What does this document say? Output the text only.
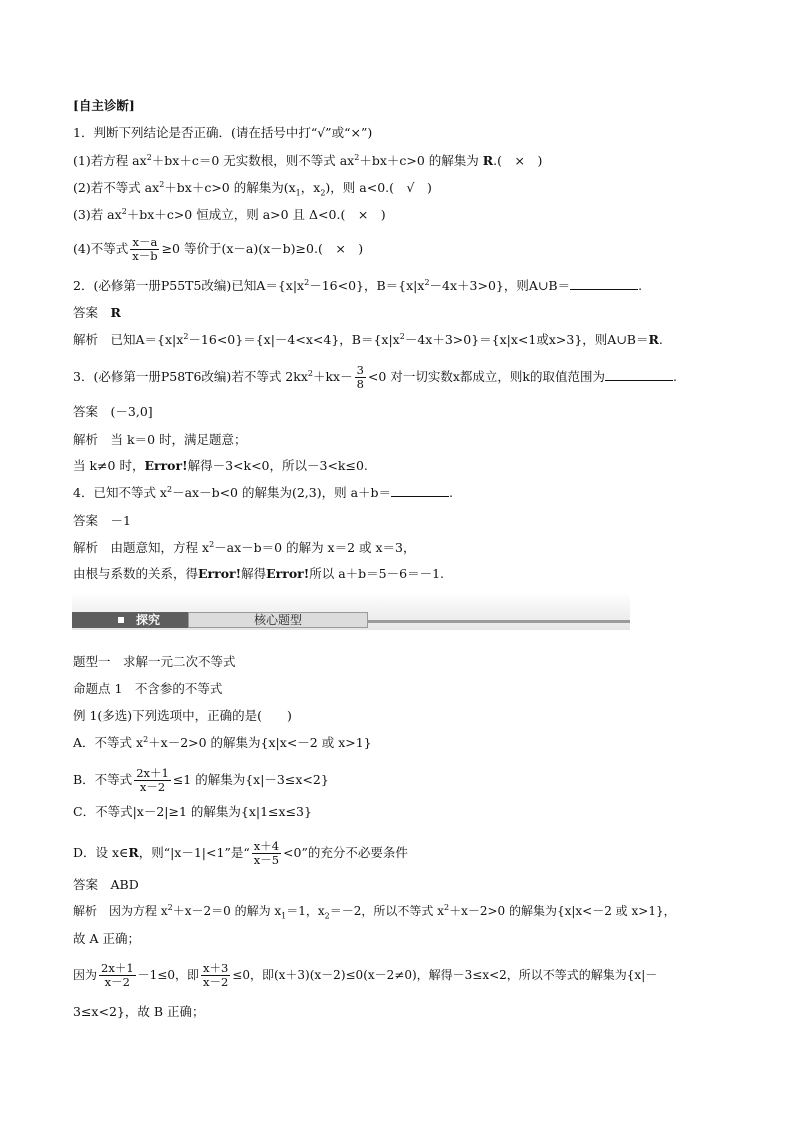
[自主诊断]
1．判断下列结论是否正确．(请在括号中打“√”或“×”)
(1)若方程 $ax^2+bx+c=0$ 无实数根，则不等式 $ax^2+bx+c>0$ 的解集为 R.(　×　)
(2)若不等式 $ax^2+bx+c>0$ 的解集为($x_1$，$x_2$)，则 a<0.(　√　)
(3)若 $ax^2+bx+c>0$ 恒成立，则 a>0 且 Δ<0.(　×　)
(4)不等式 $\frac{x-a}{x-b} \ge 0$ 等价于(x－a)(x－b)≥0.(　×　)
2．(必修第一册P55T5改编)已知$A=\{x|x^2-16<0\}$，$B=\{x|x^2-4x+3>0\}$，则A∪B＝	.
答案　 R
解析　 已知$A=\{x|x^2-16<0\}=\{x|-4<x<4\}$，$B=\{x|x^2-4x+3>0\}=\{x|x<1$或x>3}，则A∪B＝R.
3．(必修第一册P58T6改编)若不等式 $2kx^2+kx- \frac{3}{8} <0$ 对一切实数x都成立，则k的取值范围为	.
答案　 (－3,0]
解析　 当 k＝0 时，满足题意；
当 k≠0 时，Error!解得－3<k<0，所以－3<k≤0.
4．已知不等式 $x^2-ax-b<0$ 的解集为(2,3)，则 a＋b＝	.
答案　 －1
解析　 由题意知，方程 $x^2-ax-b=0$ 的解为 x＝2 或 x＝3，
由根与系数的关系，得Error!解得Error!所以 a＋b＝5－6＝－1.
探究	核心题型
题型一　求解一元二次不等式
命题点 1　不含参的不等式
例 1(多选)下列选项中，正确的是(　　)
A．不等式 $x^2+x-2>0$ 的解集为{x|x<－2 或 x>1}
B．不等式 $\frac{2x+1}{x-2} \le 1$ 的解集为{x|－3≤x<2}
C．不等式|x－2|≥1 的解集为{x|1≤x≤3}
D．设 x∈R，则“|x－1|<1”是“ $\frac{x+4}{x-5} <0$”的充分不必要条件
答案　 ABD
解析　 因为方程 $x^2+x-2=0$ 的解为 $x_1=1$，$x_2=-2$，所以不等式 $x^2+x-2>0$ 的解集为{x|x<－2 或 x>1}，
故 A 正确；
因为 $\frac{2x+1}{x-2} -1\le 0$，即 $\frac{x+3}{x-2} \le 0$，即(x＋3)(x－2)≤0(x－2≠0)，解得－3≤x<2，所以不等式的解集为{x|－
3≤x<2}，故 B 正确；
